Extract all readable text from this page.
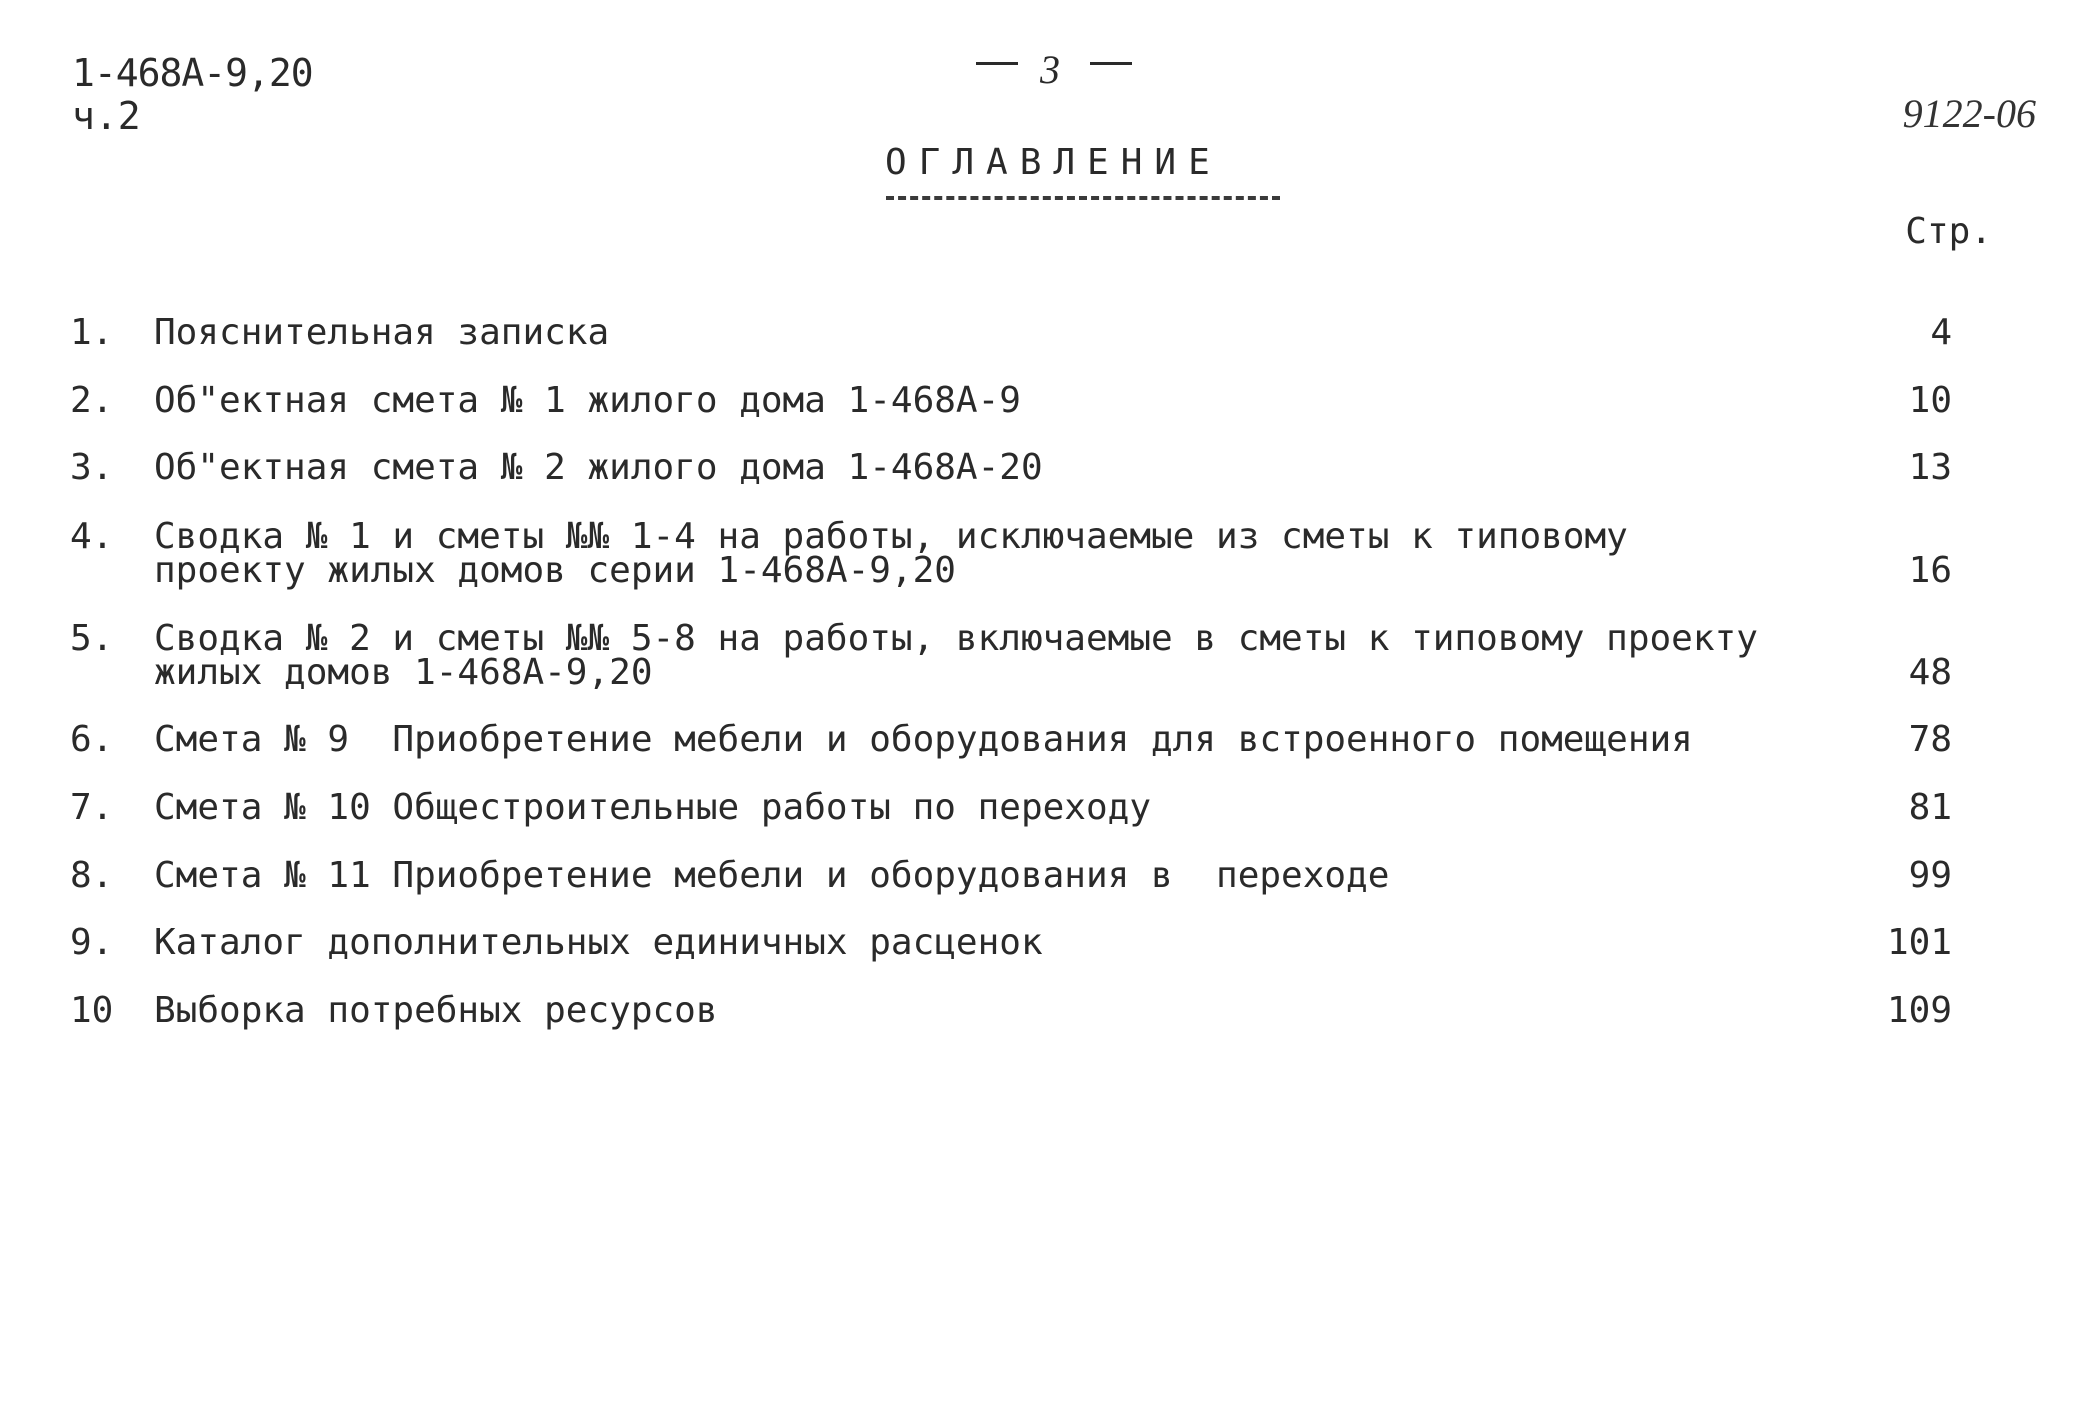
1-468А-9,20
ч.2
3
9122-06
ОГЛАВЛЕНИЕ
Стр.
1.	Пояснительная записка	4
2.	Об"ектная смета № 1 жилого дома 1-468А-9	10
3.	Об"ектная смета № 2 жилого дома 1-468А-20	13
4.	Сводка № 1 и сметы №№ 1-4 на работы, исключаемые из сметы к типовому
проекту жилых домов серии 1-468А-9,20	16
5.	Сводка № 2 и сметы №№ 5-8 на работы, включаемые в сметы к типовому проекту
жилых домов 1-468А-9,20	48
6.	Смета № 9  Приобретение мебели и оборудования для встроенного помещения	78
7.	Смета № 10 Общестроительные работы по переходу	81
8.	Смета № 11 Приобретение мебели и оборудования в  переходе	99
9.	Каталог дополнительных единичных расценок	101
10	Выборка потребных ресурсов	109
